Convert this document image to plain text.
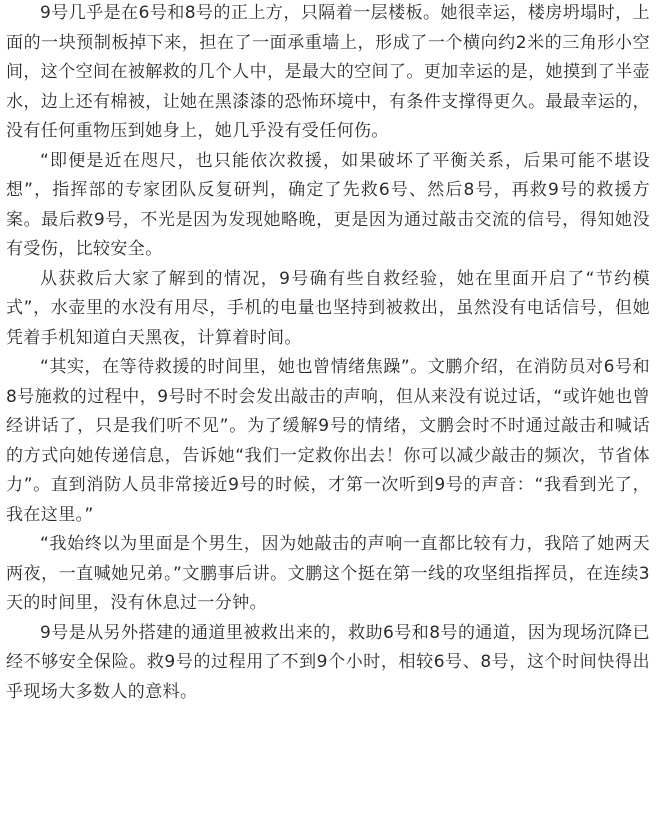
9号几乎是在6号和8号的正上方，只隔着一层楼板。她很幸运，楼房坍塌时，上面的一块预制板掉下来，担在了一面承重墙上，形成了一个横向约2米的三角形小空间，这个空间在被解救的几个人中，是最大的空间了。更加幸运的是，她摸到了半壶水，边上还有棉被，让她在黑漆漆的恐怖环境中，有条件支撑得更久。最最幸运的，没有任何重物压到她身上，她几乎没有受任何伤。

“即便是近在咫尺，也只能依次救援，如果破坏了平衡关系，后果可能不堪设想”，指挥部的专家团队反复研判，确定了先救6号、然后8号，再救9号的救援方案。最后救9号，不光是因为发现她略晚，更是因为通过敲击交流的信号，得知她没有受伤，比较安全。

从获救后大家了解到的情况，9号确有些自救经验，她在里面开启了“节约模式”，水壶里的水没有用尽，手机的电量也坚持到被救出，虽然没有电话信号，但她凭着手机知道白天黑夜，计算着时间。

“其实，在等待救援的时间里，她也曾情绪焦躁”。文鹏介绍，在消防员对6号和8号施救的过程中，9号时不时会发出敲击的声响，但从来没有说过话，“或许她也曾经讲话了，只是我们听不见”。为了缓解9号的情绪，文鹏会时不时通过敲击和喊话的方式向她传递信息，告诉她“我们一定救你出去！你可以减少敲击的频次，节省体力”。直到消防人员非常接近9号的时候，才第一次听到9号的声音：“我看到光了，我在这里。”

“我始终以为里面是个男生，因为她敲击的声响一直都比较有力，我陪了她两天两夜，一直喊她兄弟。”文鹏事后讲。文鹏这个挺在第一线的攻坚组指挥员，在连续3天的时间里，没有休息过一分钟。

9号是从另外搭建的通道里被救出来的，救助6号和8号的通道，因为现场沉降已经不够安全保险。救9号的过程用了不到9个小时，相较6号、8号，这个时间快得出乎现场大多数人的意料。
